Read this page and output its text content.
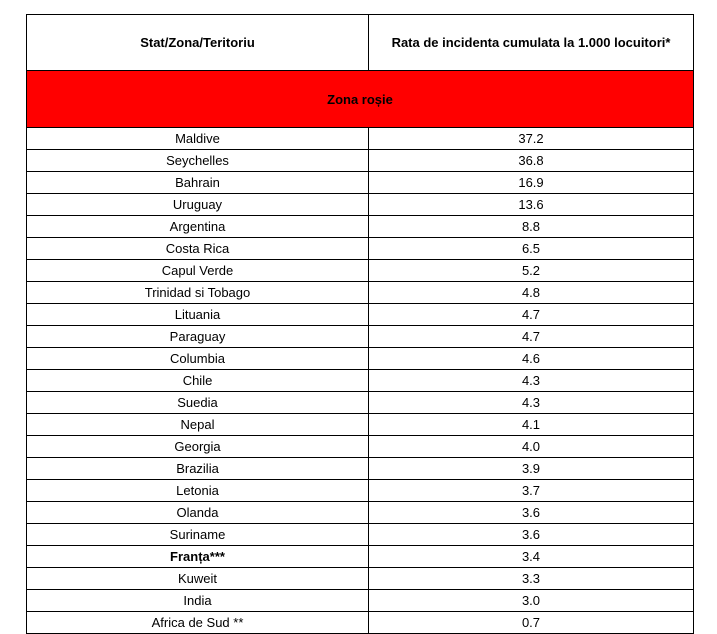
Stat/Zona/Teritoriu	Rata de incidenta cumulata la 1.000 locuitori*
Zona roșie	
Maldive	37.2
Seychelles	36.8
Bahrain	16.9
Uruguay	13.6
Argentina	8.8
Costa Rica	6.5
Capul Verde	5.2
Trinidad si Tobago	4.8
Lituania	4.7
Paraguay	4.7
Columbia	4.6
Chile	4.3
Suedia	4.3
Nepal	4.1
Georgia	4.0
Brazilia	3.9
Letonia	3.7
Olanda	3.6
Suriname	3.6
Franța***	3.4
Kuweit	3.3
India	3.0
Africa de Sud **	0.7
